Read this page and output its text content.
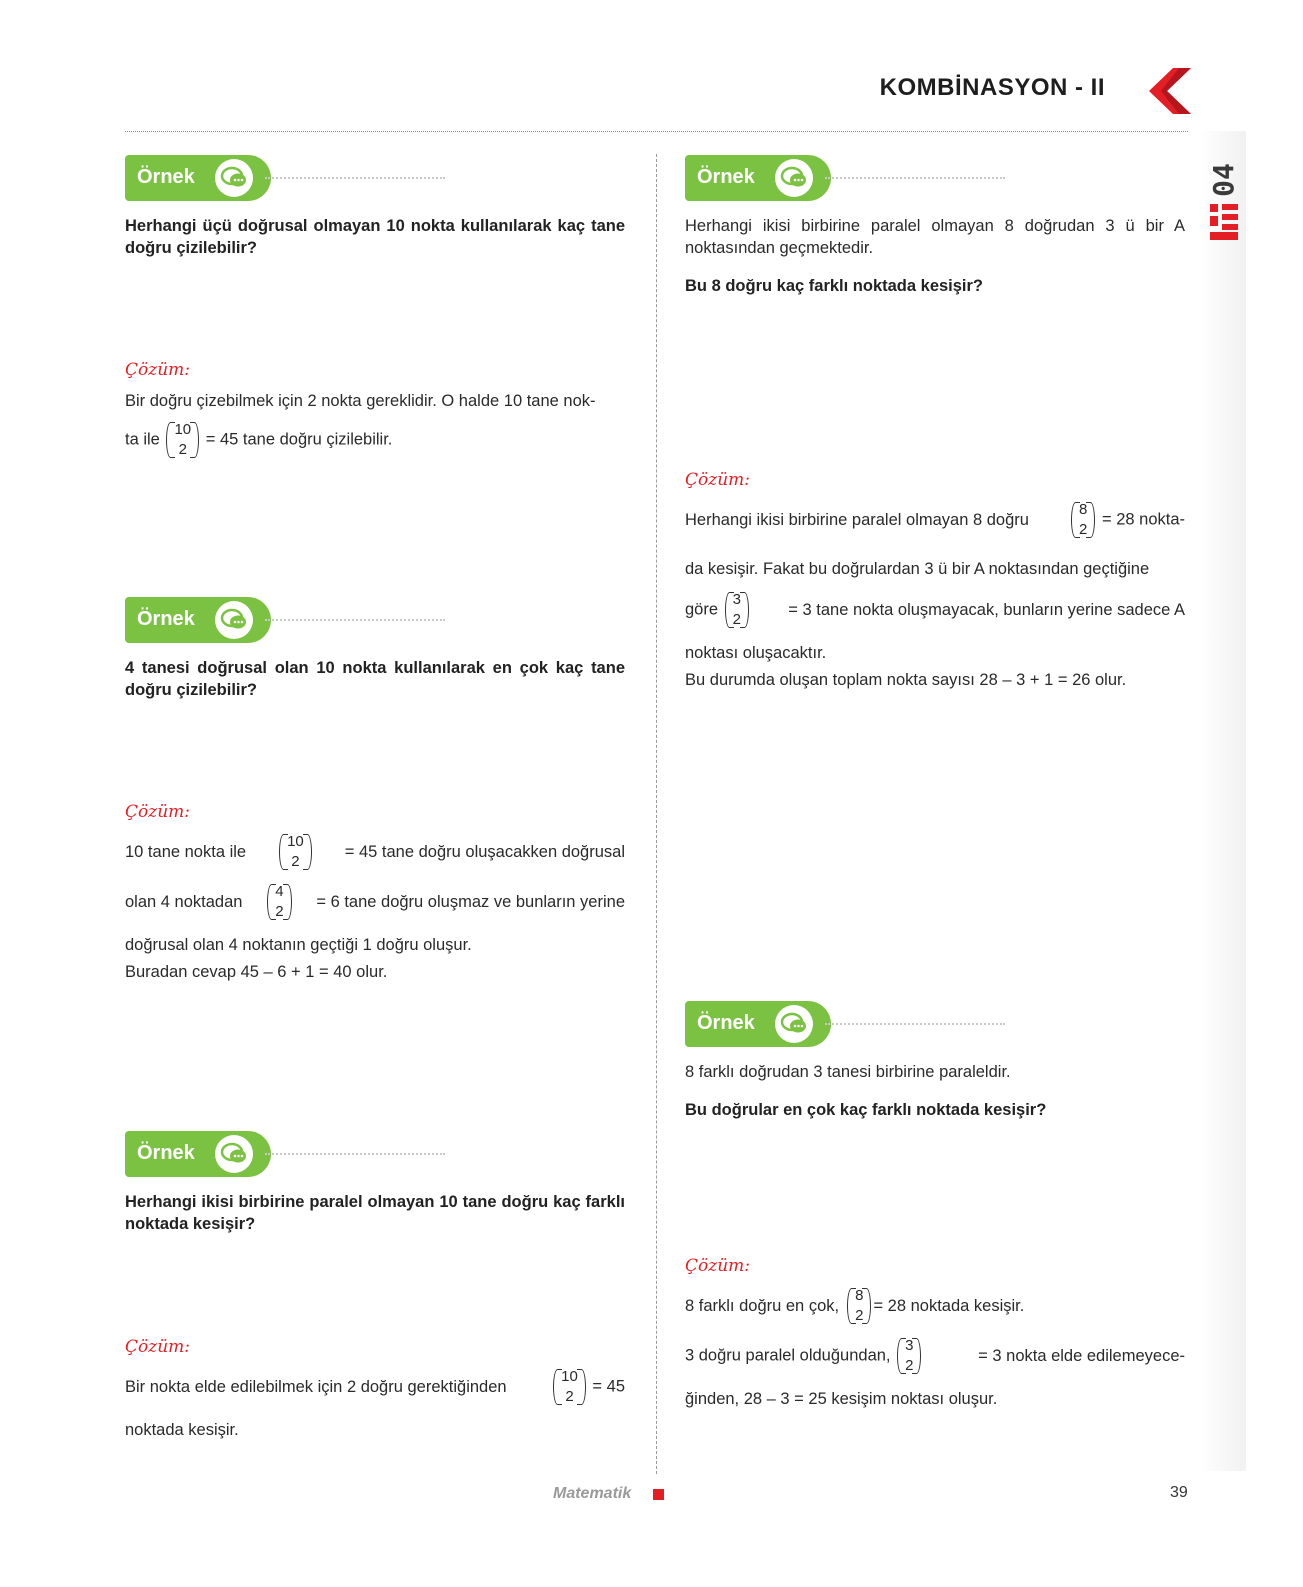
KOMBİNASYON - II
04
Örnek
Herhangi üçü doğrusal olmayan 10 nokta kullanılarak kaç tane doğru çizilebilir?
Çözüm:
Bir doğru çizebilmek için 2 nokta gereklidir. O halde 10 tane nok-
ta ile
10
2
= 45 tane doğru çizilebilir.
Örnek
4 tanesi doğrusal olan 10 nokta kullanılarak en çok kaç tane doğru çizilebilir?
Çözüm:
10 tane nokta ile
10
2
= 45 tane doğru oluşacakken doğrusal
olan 4 noktadan
4
2
= 6 tane doğru oluşmaz ve bunların yerine
doğrusal olan 4 noktanın geçtiği 1 doğru oluşur.
Buradan cevap 45 – 6 + 1 = 40 olur.
Örnek
Herhangi ikisi birbirine paralel olmayan 10 tane doğru kaç farklı noktada kesişir?
Çözüm:
Bir nokta elde edilebilmek için 2 doğru gerektiğinden
10
2
= 45
noktada kesişir.
Örnek
Herhangi ikisi birbirine paralel olmayan 8 doğrudan 3 ü bir A noktasından geçmektedir.
Bu 8 doğru kaç farklı noktada kesişir?
Çözüm:
Herhangi ikisi birbirine paralel olmayan 8 doğru
8
2
= 28 nokta-
da kesişir. Fakat bu doğrulardan 3 ü bir A noktasından geçtiğine
göre
3
2
= 3 tane nokta oluşmayacak, bunların yerine sadece A
noktası oluşacaktır.
Bu durumda oluşan toplam nokta sayısı 28 – 3 + 1 = 26 olur.
Örnek
8 farklı doğrudan 3 tanesi birbirine paraleldir.
Bu doğrular en çok kaç farklı noktada kesişir?
Çözüm:
8 farklı doğru en çok,
8
2
= 28 noktada kesişir.
3 doğru paralel olduğundan,
3
2
= 3 nokta elde edilemeyece-
ğinden, 28 – 3 = 25 kesişim noktası oluşur.
Matematik	39
